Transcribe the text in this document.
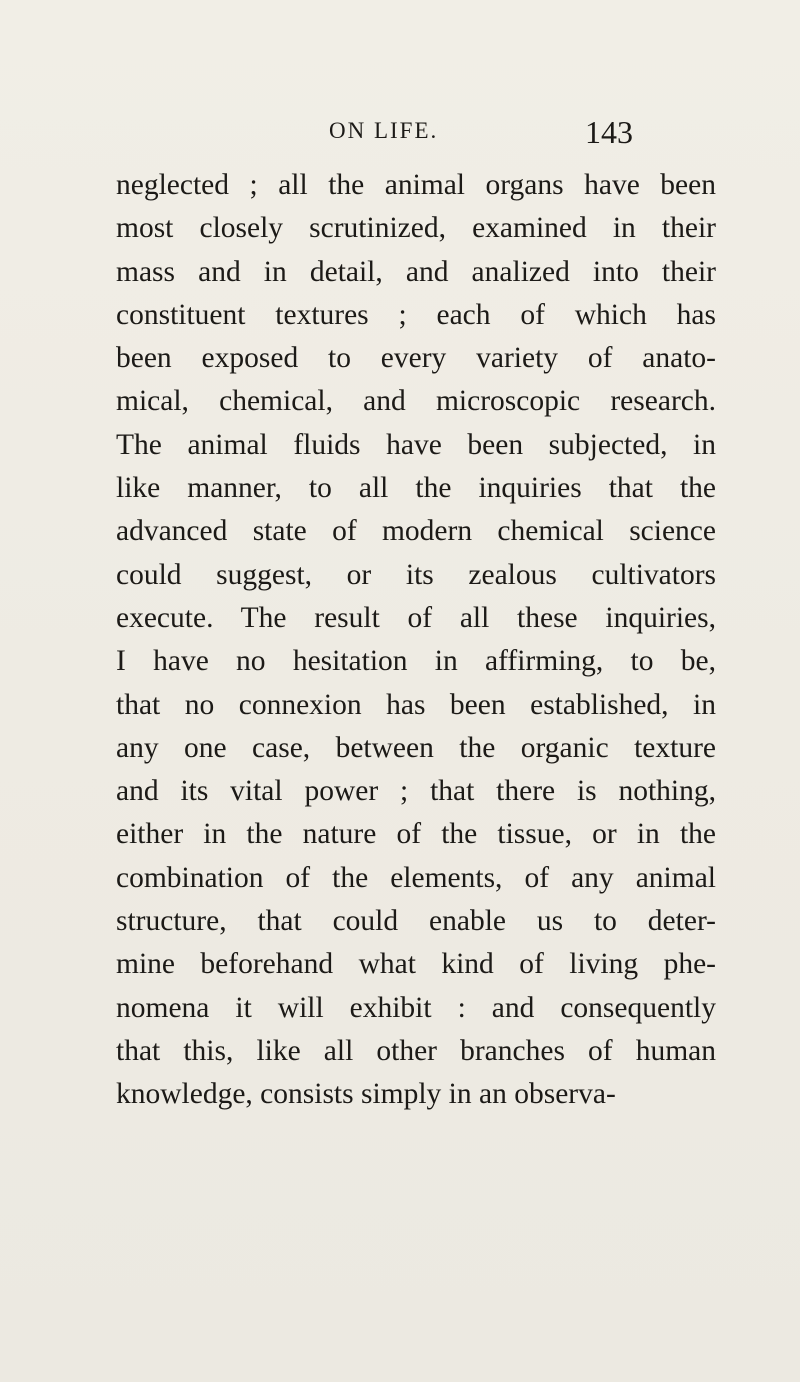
ON LIFE.	143
neglected ; all the animal organs have been
most closely scrutinized, examined in their
mass and in detail, and analized into their
constituent textures ; each of which has
been exposed to every variety of anato-
mical, chemical, and microscopic research.
The animal fluids have been subjected, in
like manner, to all the inquiries that the
advanced state of modern chemical science
could suggest, or its zealous cultivators
execute. The result of all these inquiries,
I have no hesitation in affirming, to be,
that no connexion has been established, in
any one case, between the organic texture
and its vital power ; that there is nothing,
either in the nature of the tissue, or in the
combination of the elements, of any animal
structure, that could enable us to deter-
mine beforehand what kind of living phe-
nomena it will exhibit : and consequently
that this, like all other branches of human
knowledge, consists simply in an observa-
